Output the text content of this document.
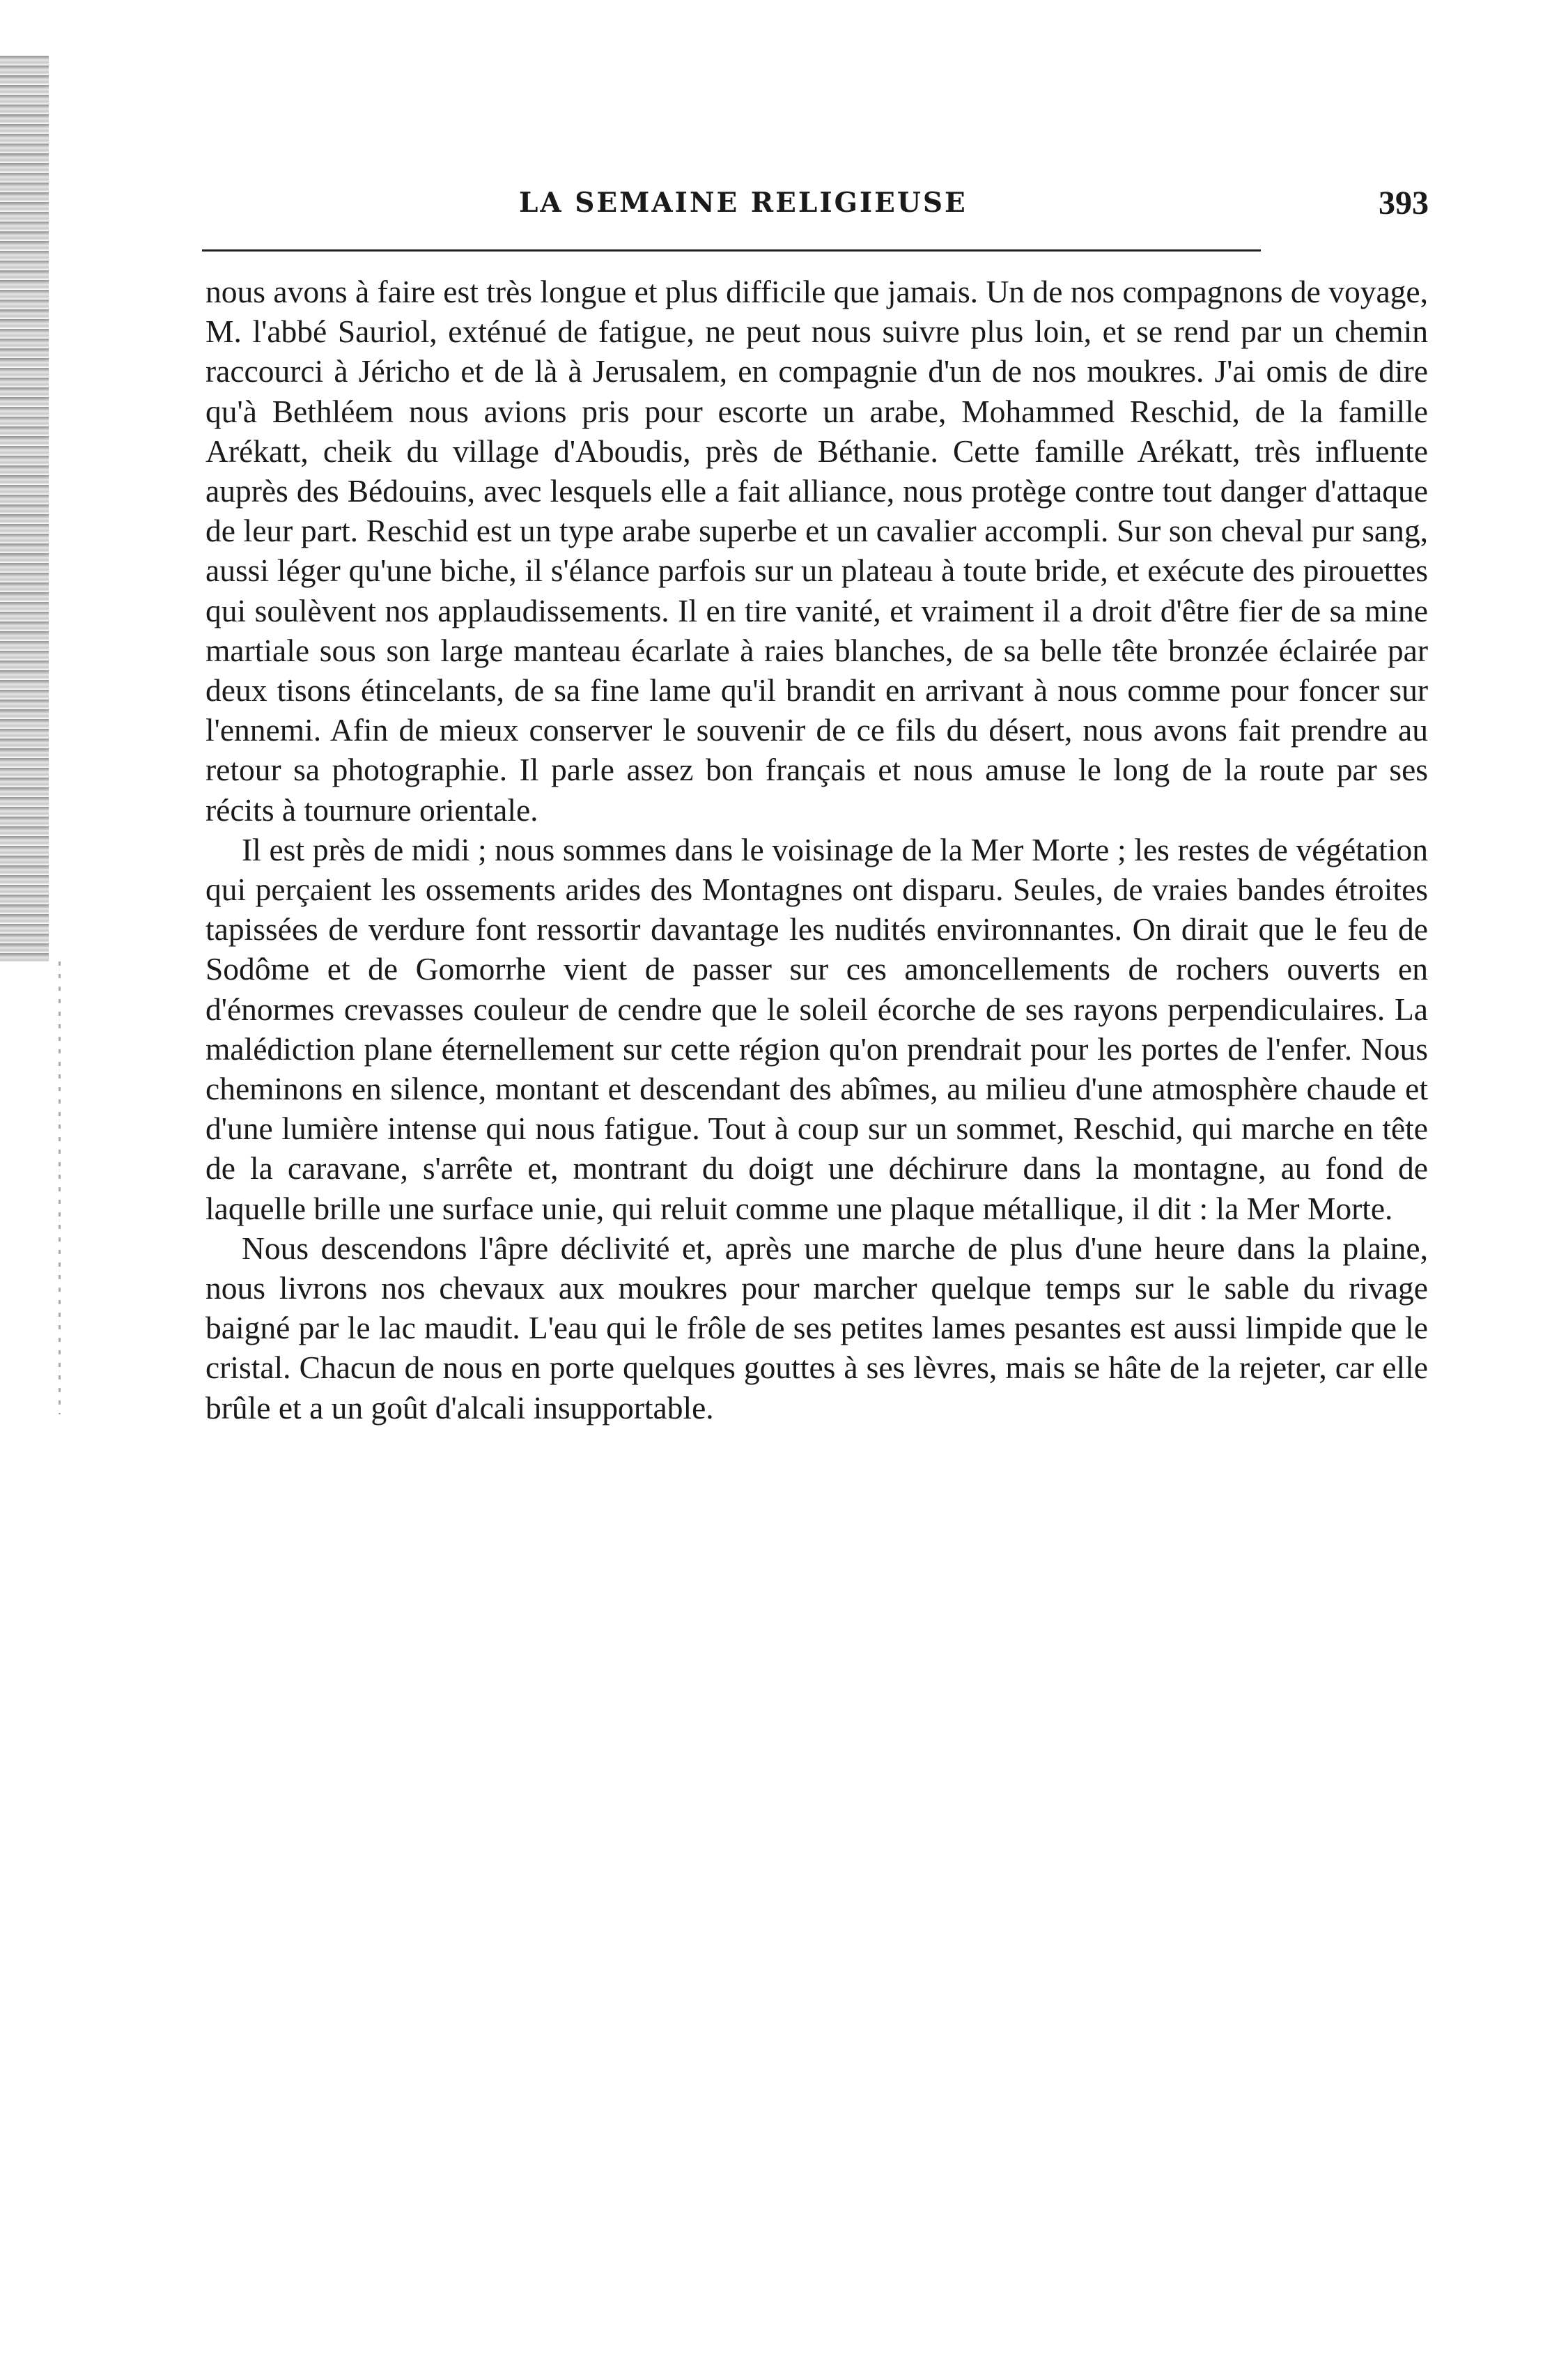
LA SEMAINE RELIGIEUSE	393

nous avons à faire est très longue et plus difficile que jamais. Un de nos compagnons de voyage, M. l'abbé Sauriol, exténué de fatigue, ne peut nous suivre plus loin, et se rend par un chemin raccourci à Jéricho et de là à Jerusalem, en compagnie d'un de nos moukres. J'ai omis de dire qu'à Bethléem nous avions pris pour escorte un arabe, Mohammed Reschid, de la famille Arékatt, cheik du village d'Aboudis, près de Béthanie. Cette famille Arékatt, très influente auprès des Bédouins, avec lesquels elle a fait alliance, nous protège contre tout danger d'attaque de leur part. Reschid est un type arabe superbe et un cavalier accompli. Sur son cheval pur sang, aussi léger qu'une biche, il s'élance parfois sur un plateau à toute bride, et exécute des pirouettes qui soulèvent nos applaudissements. Il en tire vanité, et vraiment il a droit d'être fier de sa mine martiale sous son large manteau écarlate à raies blanches, de sa belle tête bronzée éclairée par deux tisons étincelants, de sa fine lame qu'il brandit en arrivant à nous comme pour foncer sur l'ennemi. Afin de mieux conserver le souvenir de ce fils du désert, nous avons fait prendre au retour sa photographie. Il parle assez bon français et nous amuse le long de la route par ses récits à tournure orientale.

Il est près de midi ; nous sommes dans le voisinage de la Mer Morte ; les restes de végétation qui perçaient les ossements arides des Montagnes ont disparu. Seules, de vraies bandes étroites tapissées de verdure font ressortir davantage les nudités environnantes. On dirait que le feu de Sodôme et de Gomorrhe vient de passer sur ces amoncellements de rochers ouverts en d'énormes crevasses couleur de cendre que le soleil écorche de ses rayons perpendiculaires. La malédiction plane éternellement sur cette région qu'on prendrait pour les portes de l'enfer. Nous cheminons en silence, montant et descendant des abîmes, au milieu d'une atmosphère chaude et d'une lumière intense qui nous fatigue. Tout à coup sur un sommet, Reschid, qui marche en tête de la caravane, s'arrête et, montrant du doigt une déchirure dans la montagne, au fond de laquelle brille une surface unie, qui reluit comme une plaque métallique, il dit : la Mer Morte.

Nous descendons l'âpre déclivité et, après une marche de plus d'une heure dans la plaine, nous livrons nos chevaux aux moukres pour marcher quelque temps sur le sable du rivage baigné par le lac maudit. L'eau qui le frôle de ses petites lames pesantes est aussi limpide que le cristal. Chacun de nous en porte quelques gouttes à ses lèvres, mais se hâte de la rejeter, car elle brûle et a un goût d'alcali insupportable.
